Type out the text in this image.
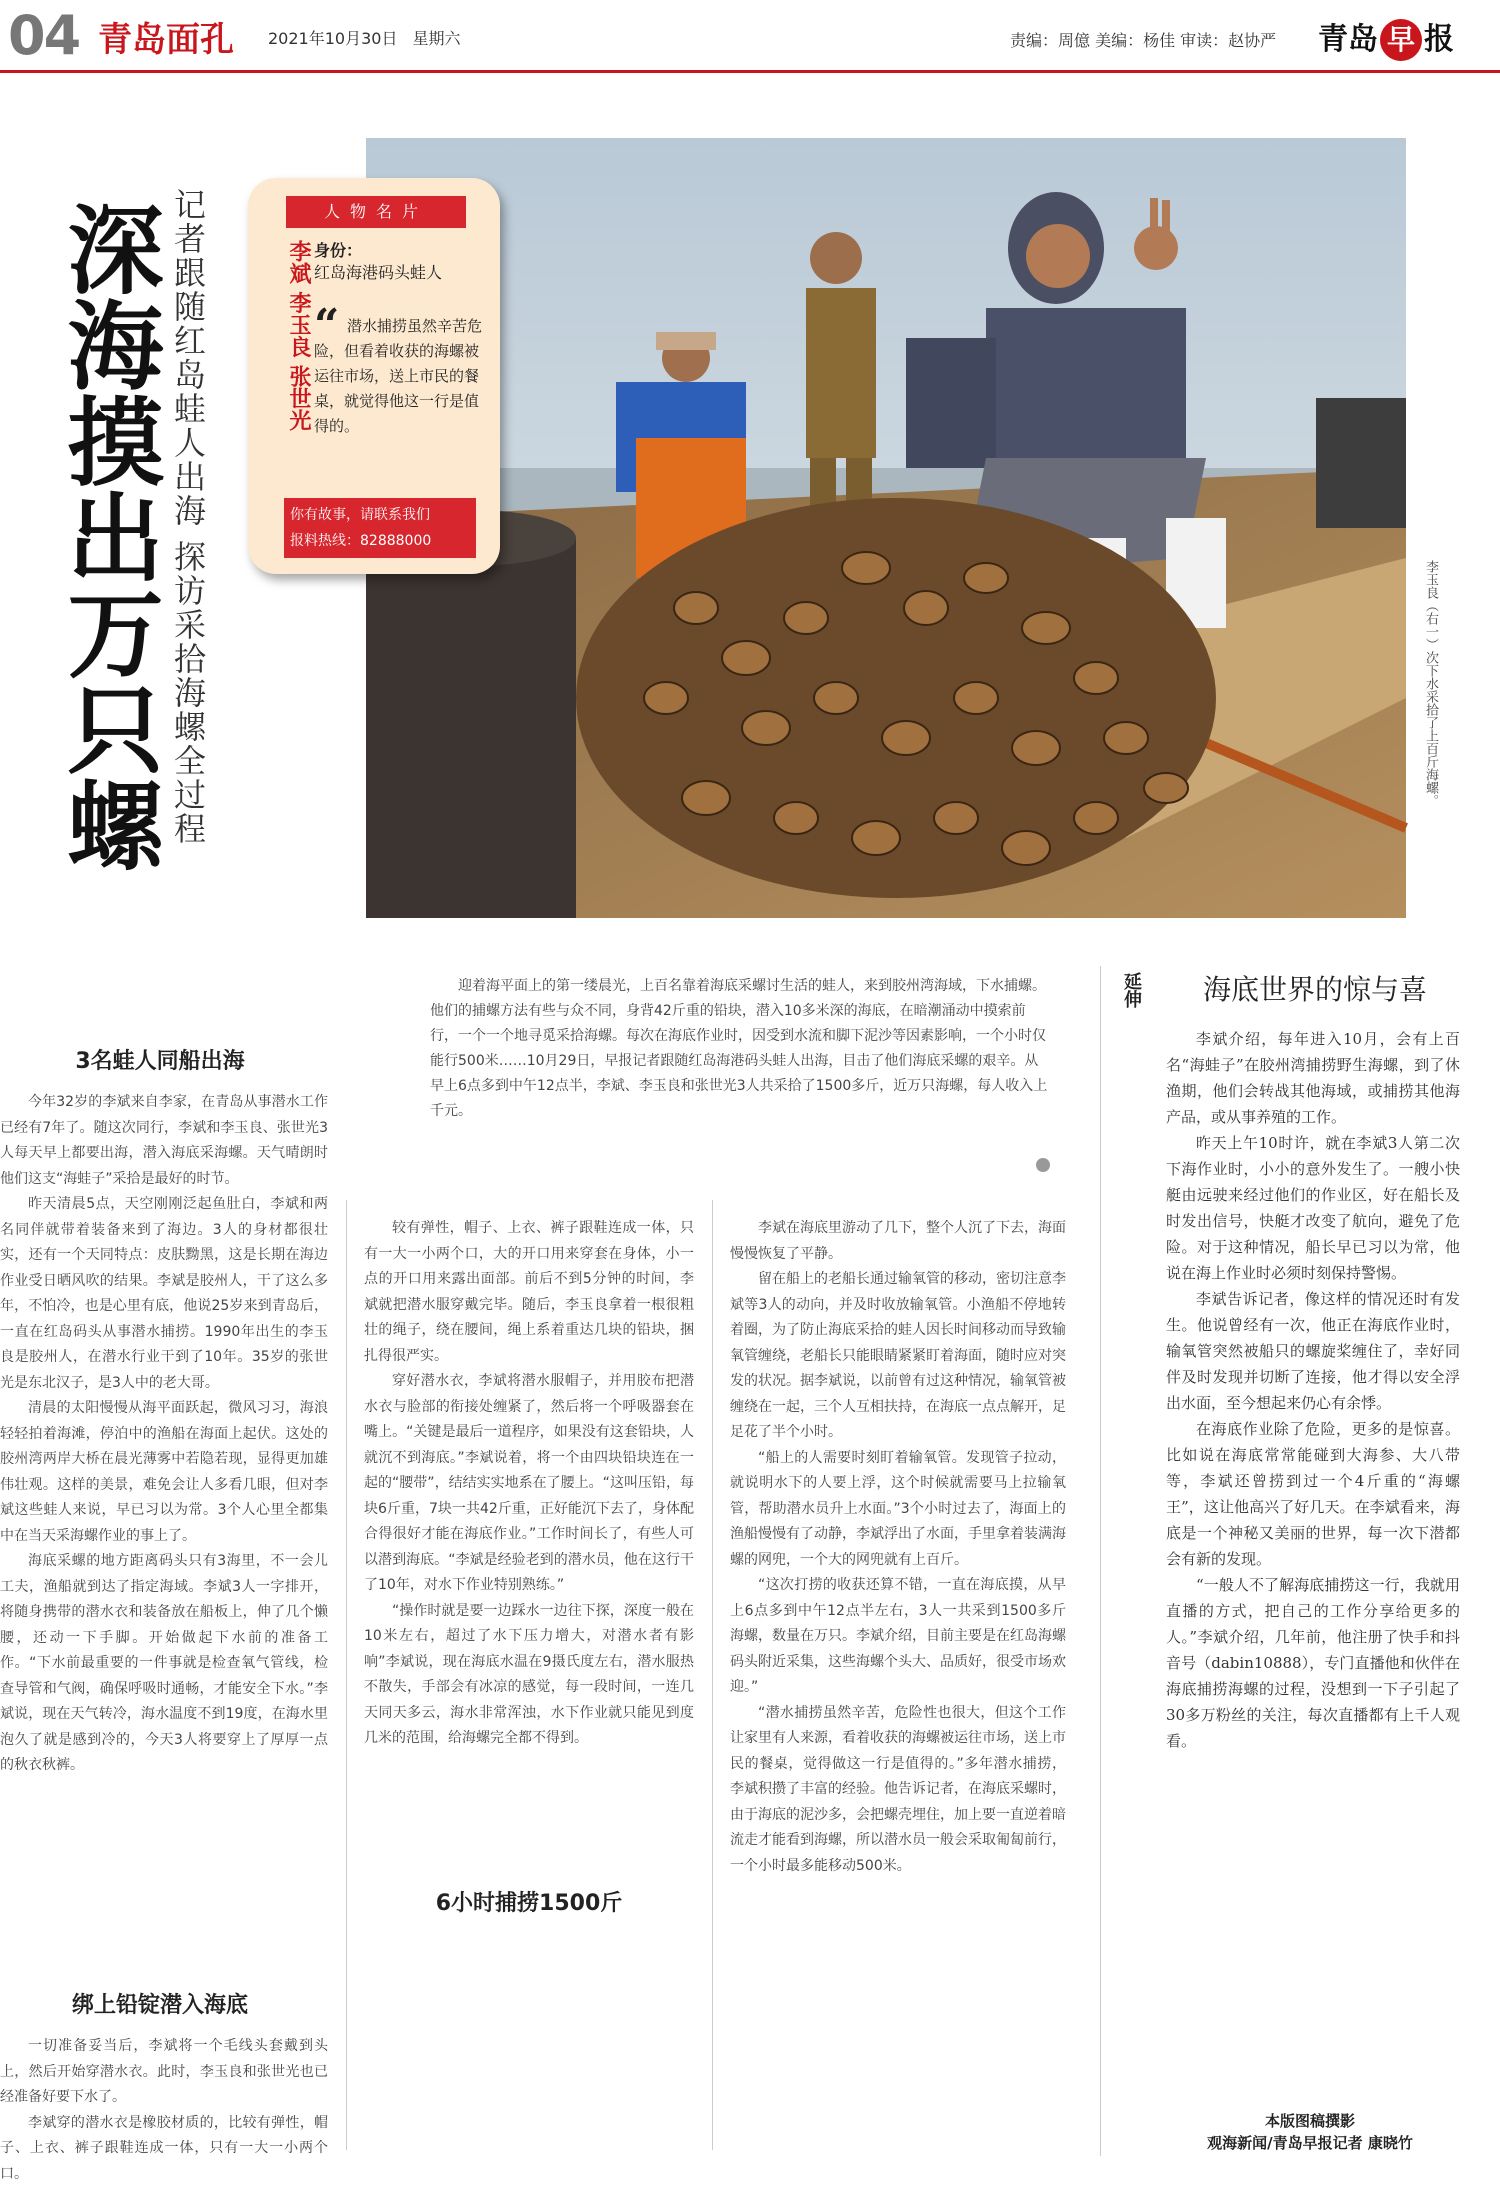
04 青岛面孔 2021年10月30日 星期六	责编：周億 美编：杨佳 审读：赵协严 青岛 早 报
深海摸出万只螺 记者跟随红岛蛙人出海
探访采拾海螺全过程	李玉良（右一）次下水采拾了上百斤海螺。
人物名片
李斌 李玉良 张世光 身份：
红岛海港码头蛙人
“ 潜水捕捞虽然辛苦危险，但看着收获的海螺被运往市场，送上市民的餐桌，就觉得他这一行是值得的。
你有故事，请联系我们
报料热线：82888000
迎着海平面上的第一缕晨光，上百名靠着海底采螺讨生活的蛙人，来到胶州湾海域，下水捕螺。他们的捕螺方法有些与众不同，身背42斤重的铅块，潜入10多米深的海底，在暗潮涌动中摸索前行，一个一个地寻觅采拾海螺。每次在海底作业时，因受到水流和脚下泥沙等因素影响，一个小时仅能行500米……10月29日，早报记者跟随红岛海港码头蛙人出海，目击了他们海底采螺的艰辛。从早上6点多到中午12点半，李斌、李玉良和张世光3人共采拾了1500多斤，近万只海螺，每人收入上千元。
3名蛙人同船出海

今年32岁的李斌来自李家，在青岛从事潜水工作已经有7年了。随这次同行，李斌和李玉良、张世光3人每天早上都要出海，潜入海底采海螺。天气晴朗时他们这支“海蛙子”采拾是最好的时节。

昨天清晨5点，天空刚刚泛起鱼肚白，李斌和两名同伴就带着装备来到了海边。3人的身材都很壮实，还有一个天同特点：皮肤黝黑，这是长期在海边作业受日晒风吹的结果。李斌是胶州人，干了这么多年，不怕冷，也是心里有底，他说25岁来到青岛后，一直在红岛码头从事潜水捕捞。1990年出生的李玉良是胶州人，在潜水行业干到了10年。35岁的张世光是东北汉子，是3人中的老大哥。

清晨的太阳慢慢从海平面跃起，微风习习，海浪轻轻拍着海滩，停泊中的渔船在海面上起伏。这处的胶州湾两岸大桥在晨光薄雾中若隐若现，显得更加雄伟壮观。这样的美景，难免会让人多看几眼，但对李斌这些蛙人来说，早已习以为常。3个人心里全都集中在当天采海螺作业的事上了。

海底采螺的地方距离码头只有3海里，不一会儿工夫，渔船就到达了指定海域。李斌3人一字排开，将随身携带的潜水衣和装备放在船板上，伸了几个懒腰，还动一下手脚。开始做起下水前的准备工作。“下水前最重要的一件事就是检查氧气管线，检查导管和气阀，确保呼吸时通畅，才能安全下水。”李斌说，现在天气转冷，海水温度不到19度，在海水里泡久了就是感到冷的，今天3人将要穿上了厚厚一点的秋衣秋裤。

绑上铅锭潜入海底

一切准备妥当后，李斌将一个毛线头套戴到头上，然后开始穿潜水衣。此时，李玉良和张世光也已经准备好要下水了。

李斌穿的潜水衣是橡胶材质的，比较有弹性，帽子、上衣、裤子跟鞋连成一体，只有一大一小两个口。

较有弹性，帽子、上衣、裤子跟鞋连成一体，只有一大一小两个口，大的开口用来穿套在身体，小一点的开口用来露出面部。前后不到5分钟的时间，李斌就把潜水服穿戴完毕。随后，李玉良拿着一根很粗壮的绳子，绕在腰间，绳上系着重达几块的铅块，捆扎得很严实。

穿好潜水衣，李斌将潜水服帽子，并用胶布把潜水衣与脸部的衔接处缠紧了，然后将一个呼吸器套在嘴上。“关键是最后一道程序，如果没有这套铅块，人就沉不到海底。”李斌说着，将一个由四块铅块连在一起的“腰带”，结结实实地系在了腰上。“这叫压铅，每块6斤重，7块一共42斤重，正好能沉下去了，身体配合得很好才能在海底作业。”工作时间长了，有些人可以潜到海底。“李斌是经验老到的潜水员，他在这行干了10年，对水下作业特别熟练。”

“操作时就是要一边踩水一边往下探，深度一般在10米左右，超过了水下压力增大，对潜水者有影响”李斌说，现在海底水温在9摄氏度左右，潜水服热不散失，手部会有冰凉的感觉，每一段时间，一连几天同天多云，海水非常浑浊，水下作业就只能见到度几米的范围，给海螺完全都不得到。

6小时捕捞1500斤

李斌在海底里游动了几下，整个人沉了下去，海面慢慢恢复了平静。

留在船上的老船长通过输氧管的移动，密切注意李斌等3人的动向，并及时收放输氧管。小渔船不停地转着圈，为了防止海底采拾的蛙人因长时间移动而导致输氧管缠绕，老船长只能眼睛紧紧盯着海面，随时应对突发的状况。据李斌说，以前曾有过这种情况，输氧管被缠绕在一起，三个人互相扶持，在海底一点点解开，足足花了半个小时。

“船上的人需要时刻盯着输氧管。发现管子拉动，就说明水下的人要上浮，这个时候就需要马上拉输氧管，帮助潜水员升上水面。”3个小时过去了，海面上的渔船慢慢有了动静，李斌浮出了水面，手里拿着装满海螺的网兜，一个大的网兜就有上百斤。

“这次打捞的收获还算不错，一直在海底摸，从早上6点多到中午12点半左右，3人一共采到1500多斤海螺，数量在万只。李斌介绍，目前主要是在红岛海螺码头附近采集，这些海螺个头大、品质好，很受市场欢迎。”

“潜水捕捞虽然辛苦，危险性也很大，但这个工作让家里有人来源，看着收获的海螺被运往市场，送上市民的餐桌，觉得做这一行是值得的。”多年潜水捕捞，李斌积攒了丰富的经验。他告诉记者，在海底采螺时，由于海底的泥沙多，会把螺壳埋住，加上要一直逆着暗流走才能看到海螺，所以潜水员一般会采取匍匐前行，一个小时最多能移动500米。

延伸	海底世界的惊与喜

李斌介绍，每年进入10月，会有上百名“海蛙子”在胶州湾捕捞野生海螺，到了休渔期，他们会转战其他海域，或捕捞其他海产品，或从事养殖的工作。

昨天上午10时许，就在李斌3人第二次下海作业时，小小的意外发生了。一艘小快艇由远驶来经过他们的作业区，好在船长及时发出信号，快艇才改变了航向，避免了危险。对于这种情况，船长早已习以为常，他说在海上作业时必须时刻保持警惕。

李斌告诉记者，像这样的情况还时有发生。他说曾经有一次，他正在海底作业时，输氧管突然被船只的螺旋桨缠住了，幸好同伴及时发现并切断了连接，他才得以安全浮出水面，至今想起来仍心有余悸。

在海底作业除了危险，更多的是惊喜。比如说在海底常常能碰到大海参、大八带等，李斌还曾捞到过一个4斤重的“海螺王”，这让他高兴了好几天。在李斌看来，海底是一个神秘又美丽的世界，每一次下潜都会有新的发现。

“一般人不了解海底捕捞这一行，我就用直播的方式，把自己的工作分享给更多的人。”李斌介绍，几年前，他注册了快手和抖音号（dabin10888），专门直播他和伙伴在海底捕捞海螺的过程，没想到一下子引起了30多万粉丝的关注，每次直播都有上千人观看。

本版图稿撰影
观海新闻/青岛早报记者 康晓竹
